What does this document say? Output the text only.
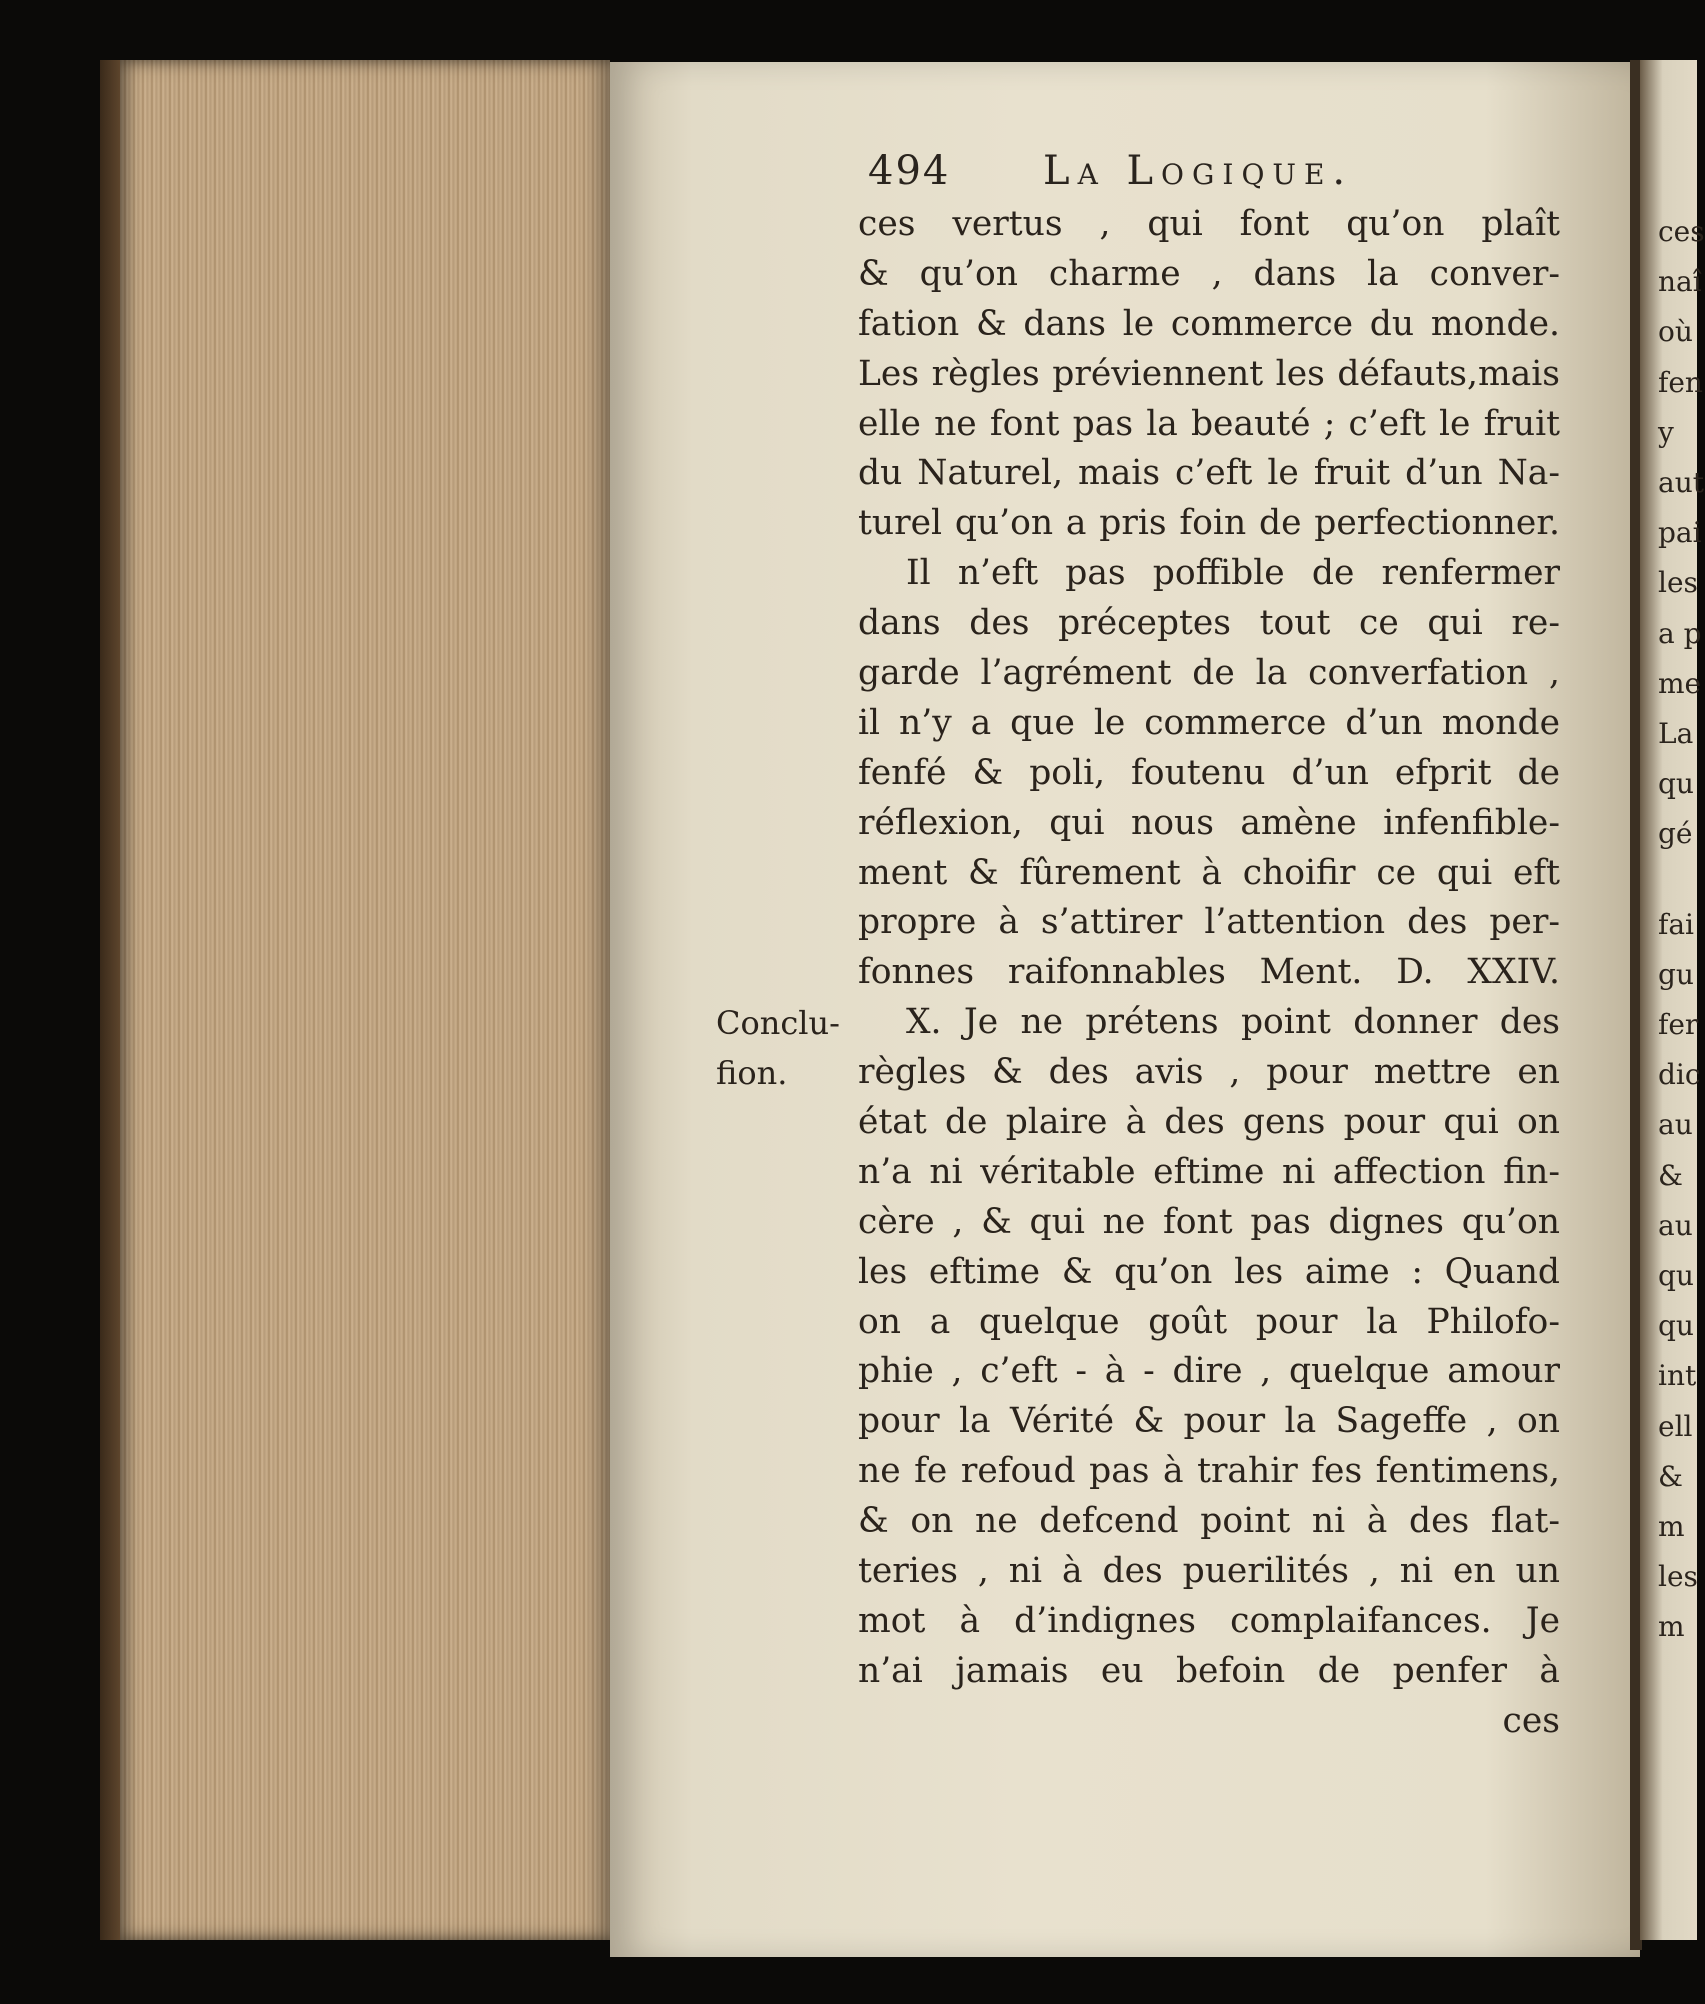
ces
naî
où
fen
y
aut
pai
les
a p
me
La
qu
gé
fai
gu
fer
dic
au
&
au
qu
qu
int
ell
&
m
les
m
494 La Logique.
Conclu-
fion.
ces vertus , qui font qu’on plaît
& qu’on charme , dans la conver-
fation & dans le commerce du monde.
Les règles préviennent les défauts,mais
elle ne font pas la beauté ; c’eft le fruit
du Naturel, mais c’eft le fruit d’un Na-
turel qu’on a pris foin de perfectionner.
Il n’eft pas poffible de renfermer
dans des préceptes tout ce qui re-
garde l’agrément de la converfation ,
il n’y a que le commerce d’un monde
fenfé & poli, foutenu d’un efprit de
réflexion, qui nous amène infenfible-
ment & fûrement à choifir ce qui eft
propre à s’attirer l’attention des per-
fonnes raifonnables Ment. D. XXIV.
X. Je ne prétens point donner des
règles & des avis , pour mettre en
état de plaire à des gens pour qui on
n’a ni véritable eftime ni affection fin-
cère , & qui ne font pas dignes qu’on
les eftime & qu’on les aime : Quand
on a quelque goût pour la Philofo-
phie , c’eft - à - dire , quelque amour
pour la Vérité & pour la Sageffe , on
ne fe refoud pas à trahir fes fentimens,
& on ne defcend point ni à des flat-
teries , ni à des puerilités , ni en un
mot à d’indignes complaifances. Je
n’ai jamais eu befoin de penfer à
ces
